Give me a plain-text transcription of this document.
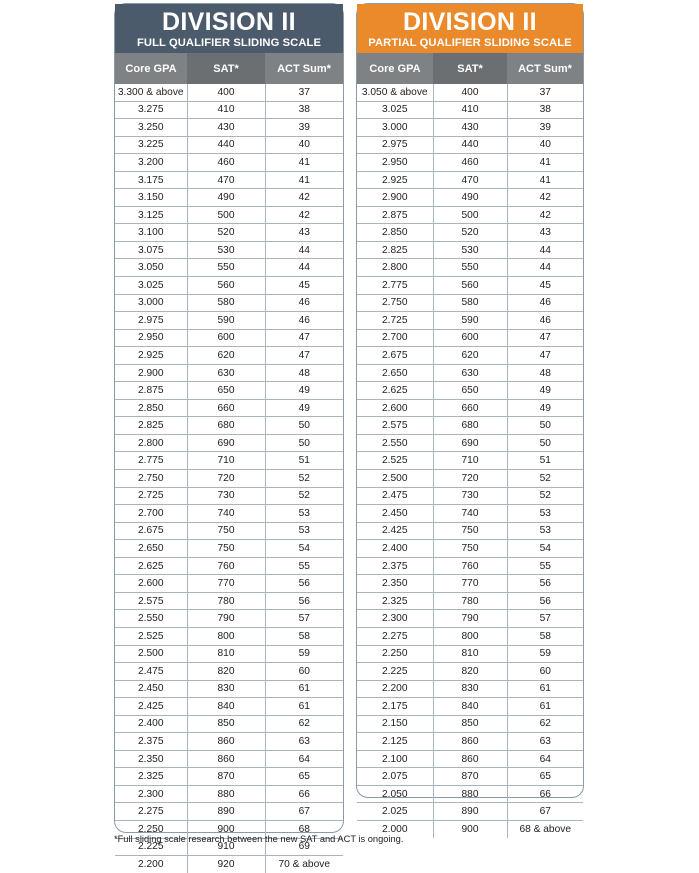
DIVISION II
FULL QUALIFIER SLIDING SCALE
Core GPA	SAT*	ACT Sum*
3.300 & above	400	37
3.275	410	38
3.250	430	39
3.225	440	40
3.200	460	41
3.175	470	41
3.150	490	42
3.125	500	42
3.100	520	43
3.075	530	44
3.050	550	44
3.025	560	45
3.000	580	46
2.975	590	46
2.950	600	47
2.925	620	47
2.900	630	48
2.875	650	49
2.850	660	49
2.825	680	50
2.800	690	50
2.775	710	51
2.750	720	52
2.725	730	52
2.700	740	53
2.675	750	53
2.650	750	54
2.625	760	55
2.600	770	56
2.575	780	56
2.550	790	57
2.525	800	58
2.500	810	59
2.475	820	60
2.450	830	61
2.425	840	61
2.400	850	62
2.375	860	63
2.350	860	64
2.325	870	65
2.300	880	66
2.275	890	67
2.250	900	68
2.225	910	69
2.200	920	70 & above
DIVISION II
PARTIAL QUALIFIER SLIDING SCALE
Core GPA	SAT*	ACT Sum*
3.050 & above	400	37
3.025	410	38
3.000	430	39
2.975	440	40
2.950	460	41
2.925	470	41
2.900	490	42
2.875	500	42
2.850	520	43
2.825	530	44
2.800	550	44
2.775	560	45
2.750	580	46
2.725	590	46
2.700	600	47
2.675	620	47
2.650	630	48
2.625	650	49
2.600	660	49
2.575	680	50
2.550	690	50
2.525	710	51
2.500	720	52
2.475	730	52
2.450	740	53
2.425	750	53
2.400	750	54
2.375	760	55
2.350	770	56
2.325	780	56
2.300	790	57
2.275	800	58
2.250	810	59
2.225	820	60
2.200	830	61
2.175	840	61
2.150	850	62
2.125	860	63
2.100	860	64
2.075	870	65
2.050	880	66
2.025	890	67
2.000	900	68 & above
*Full sliding scale research between the new SAT and ACT is ongoing.
